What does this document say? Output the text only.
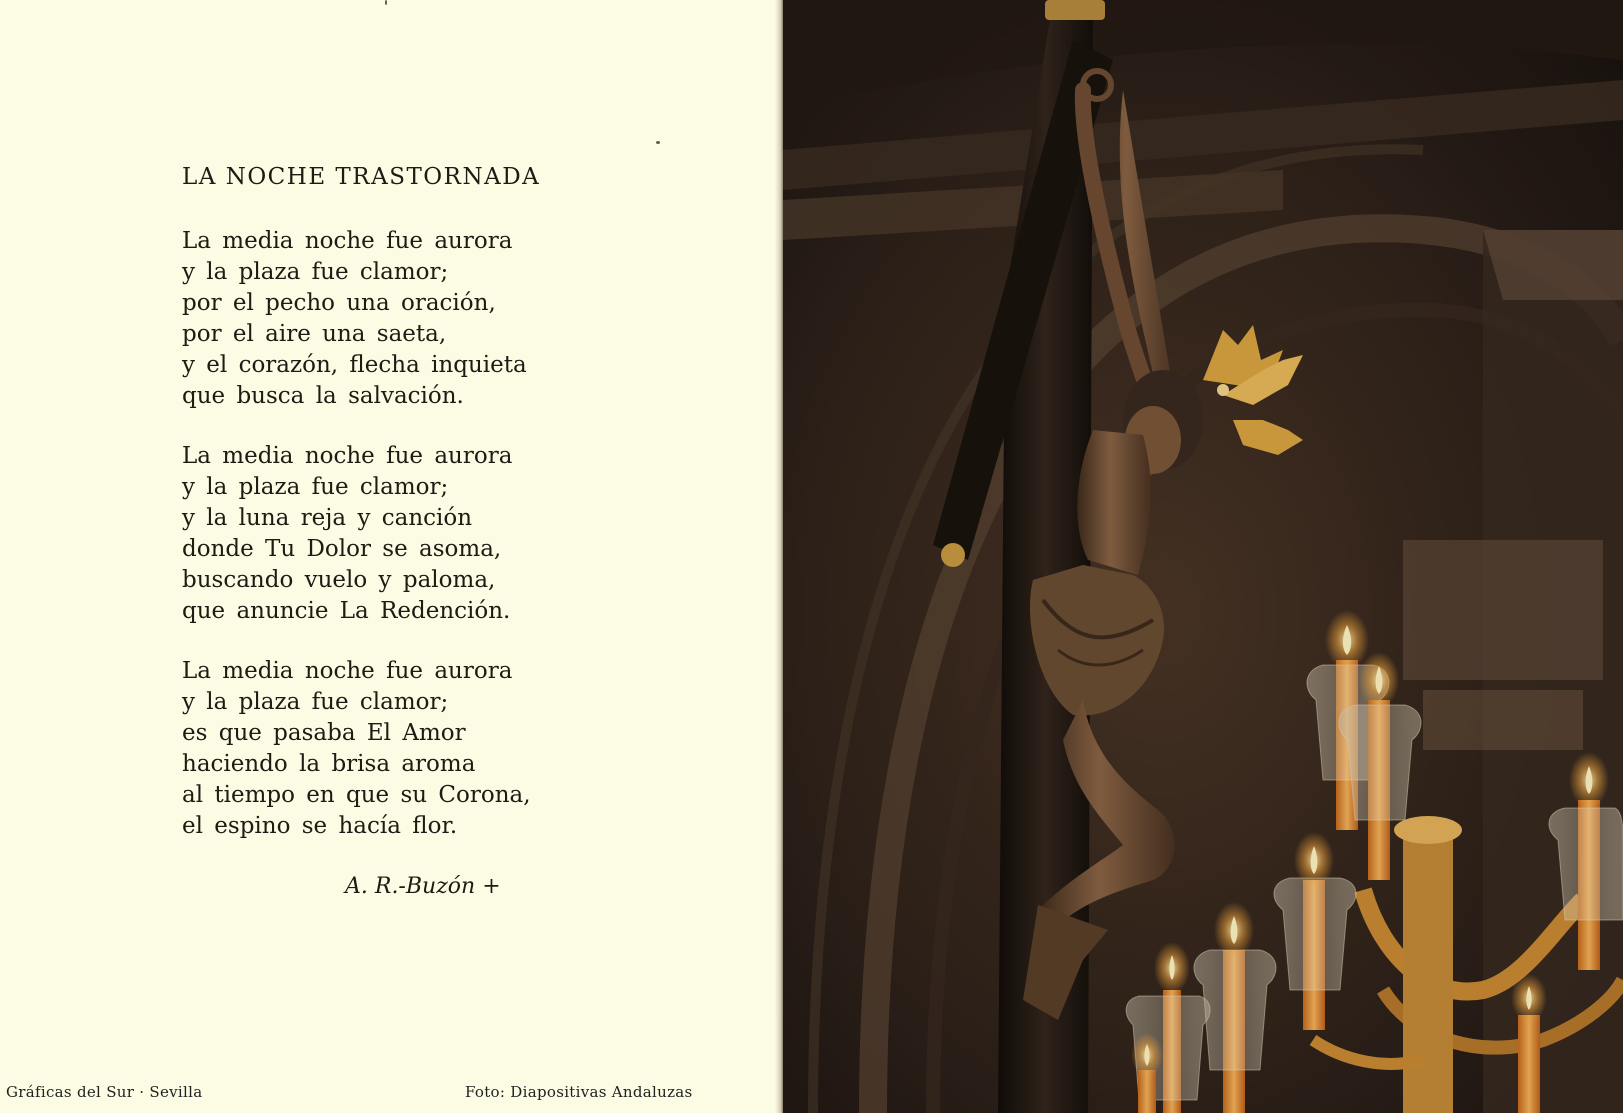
LA NOCHE TRASTORNADA
La media noche fue aurora
y la plaza fue clamor;
por el pecho una oración,
por el aire una saeta,
y el corazón, flecha inquieta
que busca la salvación.
La media noche fue aurora
y la plaza fue clamor;
y la luna reja y canción
donde Tu Dolor se asoma,
buscando vuelo y paloma,
que anuncie La Redención.
La media noche fue aurora
y la plaza fue clamor;
es que pasaba El Amor
haciendo la brisa aroma
al tiempo en que su Corona,
el espino se hacía flor.
A. R.-Buzón +
Gráficas del Sur · Sevilla	Foto: Diapositivas Andaluzas
